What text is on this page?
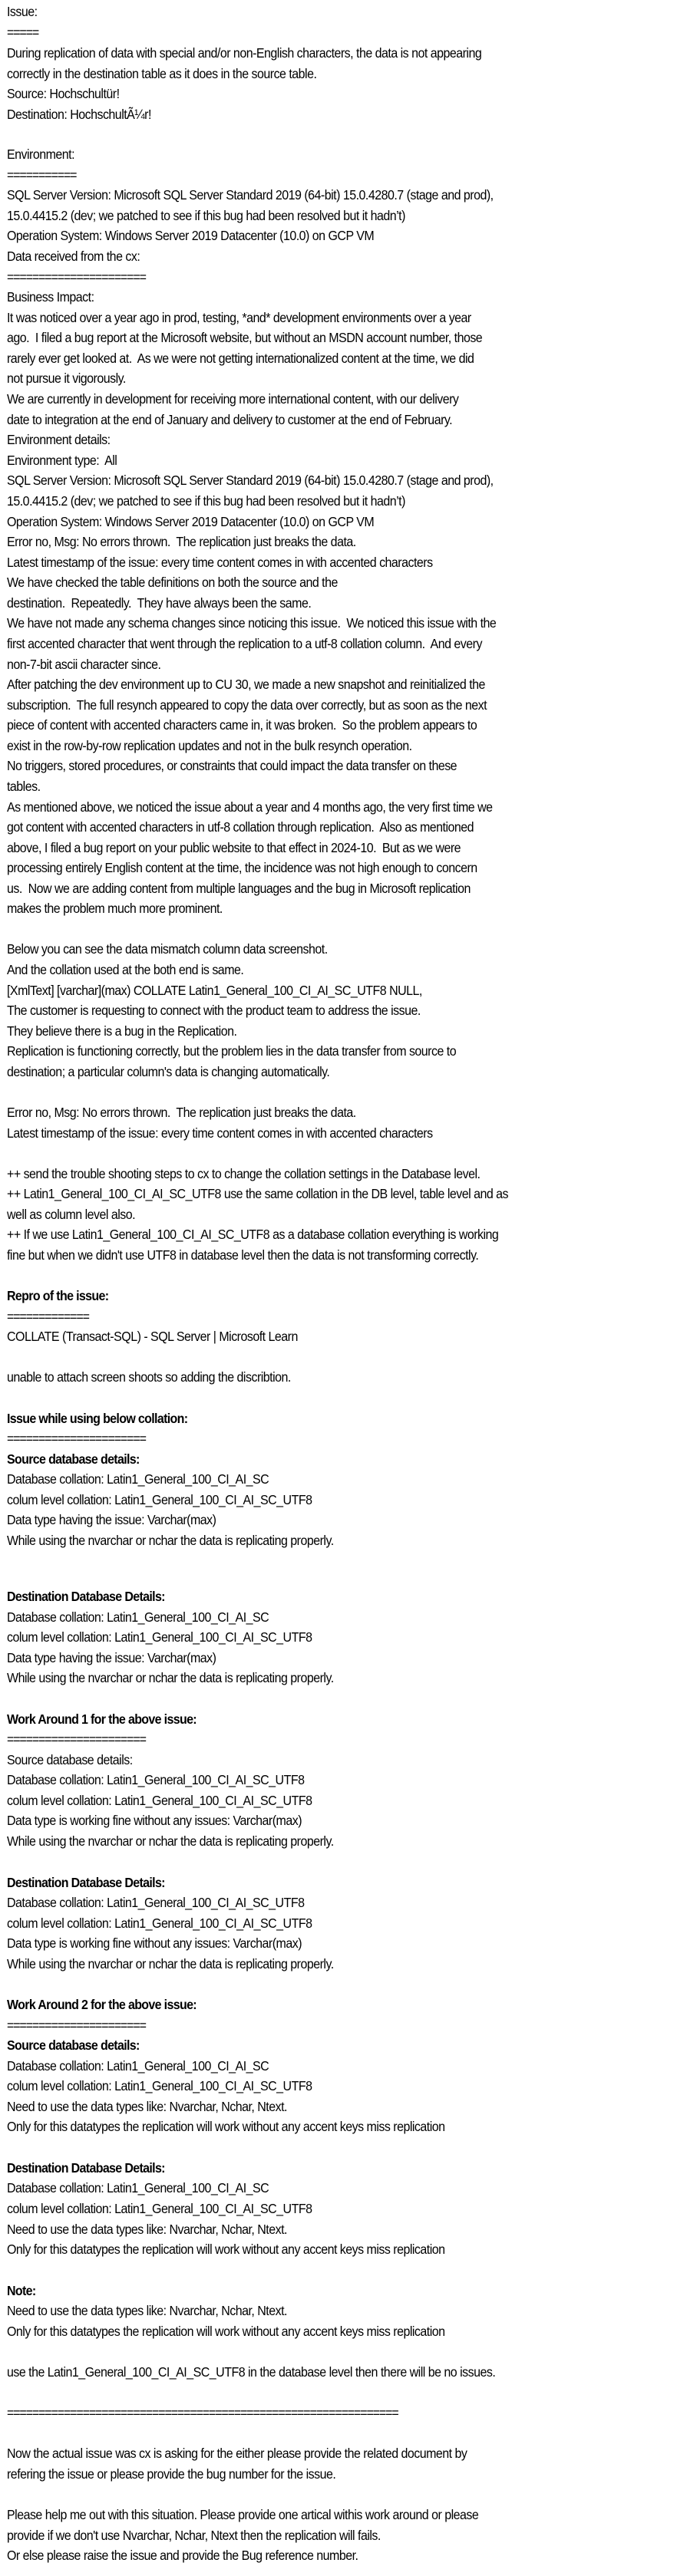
Issue:
=====
During replication of data with special and/or non-English characters, the data is not appearing
correctly in the destination table as it does in the source table.
Source: Hochschultür!
Destination: HochschultÃ¼r!
Environment:
===========
SQL Server Version: Microsoft SQL Server Standard 2019 (64-bit) 15.0.4280.7 (stage and prod),
15.0.4415.2 (dev; we patched to see if this bug had been resolved but it hadn’t)
Operation System: Windows Server 2019 Datacenter (10.0) on GCP VM
Data received from the cx:
======================
Business Impact:
It was noticed over a year ago in prod, testing, *and* development environments over a year
ago.  I filed a bug report at the Microsoft website, but without an MSDN account number, those
rarely ever get looked at.  As we were not getting internationalized content at the time, we did
not pursue it vigorously.
We are currently in development for receiving more international content, with our delivery
date to integration at the end of January and delivery to customer at the end of February.
Environment details:
Environment type:  All
SQL Server Version: Microsoft SQL Server Standard 2019 (64-bit) 15.0.4280.7 (stage and prod),
15.0.4415.2 (dev; we patched to see if this bug had been resolved but it hadn’t)
Operation System: Windows Server 2019 Datacenter (10.0) on GCP VM
Error no, Msg: No errors thrown.  The replication just breaks the data.
Latest timestamp of the issue: every time content comes in with accented characters
We have checked the table definitions on both the source and the
destination.  Repeatedly.  They have always been the same.
We have not made any schema changes since noticing this issue.  We noticed this issue with the
first accented character that went through the replication to a utf-8 collation column.  And every
non-7-bit ascii character since.
After patching the dev environment up to CU 30, we made a new snapshot and reinitialized the
subscription.  The full resynch appeared to copy the data over correctly, but as soon as the next
piece of content with accented characters came in, it was broken.  So the problem appears to
exist in the row-by-row replication updates and not in the bulk resynch operation.
No triggers, stored procedures, or constraints that could impact the data transfer on these
tables.
As mentioned above, we noticed the issue about a year and 4 months ago, the very first time we
got content with accented characters in utf-8 collation through replication.  Also as mentioned
above, I filed a bug report on your public website to that effect in 2024-10.  But as we were
processing entirely English content at the time, the incidence was not high enough to concern
us.  Now we are adding content from multiple languages and the bug in Microsoft replication
makes the problem much more prominent.
Below you can see the data mismatch column data screenshot.
And the collation used at the both end is same.
[XmlText] [varchar](max) COLLATE Latin1_General_100_CI_AI_SC_UTF8 NULL,
The customer is requesting to connect with the product team to address the issue.
They believe there is a bug in the Replication.
Replication is functioning correctly, but the problem lies in the data transfer from source to
destination; a particular column's data is changing automatically.
Error no, Msg: No errors thrown.  The replication just breaks the data.
Latest timestamp of the issue: every time content comes in with accented characters
++ send the trouble shooting steps to cx to change the collation settings in the Database level.
++ Latin1_General_100_CI_AI_SC_UTF8 use the same collation in the DB level, table level and as
well as column level also.
++ If we use Latin1_General_100_CI_AI_SC_UTF8 as a database collation everything is working
fine but when we didn't use UTF8 in database level then the data is not transforming correctly.
Repro of the issue:
=============
COLLATE (Transact-SQL) - SQL Server | Microsoft Learn
unable to attach screen shoots so adding the discribtion.
Issue while using below collation:
======================
Source database details:
Database collation: Latin1_General_100_CI_AI_SC
colum level collation: Latin1_General_100_CI_AI_SC_UTF8
Data type having the issue: Varchar(max)
While using the nvarchar or nchar the data is replicating properly.
Destination Database Details:
Database collation: Latin1_General_100_CI_AI_SC
colum level collation: Latin1_General_100_CI_AI_SC_UTF8
Data type having the issue: Varchar(max)
While using the nvarchar or nchar the data is replicating properly.
Work Around 1 for the above issue:
======================
Source database details:
Database collation: Latin1_General_100_CI_AI_SC_UTF8
colum level collation: Latin1_General_100_CI_AI_SC_UTF8
Data type is working fine without any issues: Varchar(max)
While using the nvarchar or nchar the data is replicating properly.
Destination Database Details:
Database collation: Latin1_General_100_CI_AI_SC_UTF8
colum level collation: Latin1_General_100_CI_AI_SC_UTF8
Data type is working fine without any issues: Varchar(max)
While using the nvarchar or nchar the data is replicating properly.
Work Around 2 for the above issue:
======================
Source database details:
Database collation: Latin1_General_100_CI_AI_SC
colum level collation: Latin1_General_100_CI_AI_SC_UTF8
Need to use the data types like: Nvarchar, Nchar, Ntext.
Only for this datatypes the replication will work without any accent keys miss replication
Destination Database Details:
Database collation: Latin1_General_100_CI_AI_SC
colum level collation: Latin1_General_100_CI_AI_SC_UTF8
Need to use the data types like: Nvarchar, Nchar, Ntext.
Only for this datatypes the replication will work without any accent keys miss replication
Note:
Need to use the data types like: Nvarchar, Nchar, Ntext.
Only for this datatypes the replication will work without any accent keys miss replication
use the Latin1_General_100_CI_AI_SC_UTF8 in the database level then there will be no issues.
==============================================================
Now the actual issue was cx is asking for the either please provide the related document by
refering the issue or please provide the bug number for the issue.
Please help me out with this situation. Please provide one artical withis work around or please
provide if we don't use Nvarchar, Nchar, Ntext then the replication will fails.
Or else please raise the issue and provide the Bug reference number.
